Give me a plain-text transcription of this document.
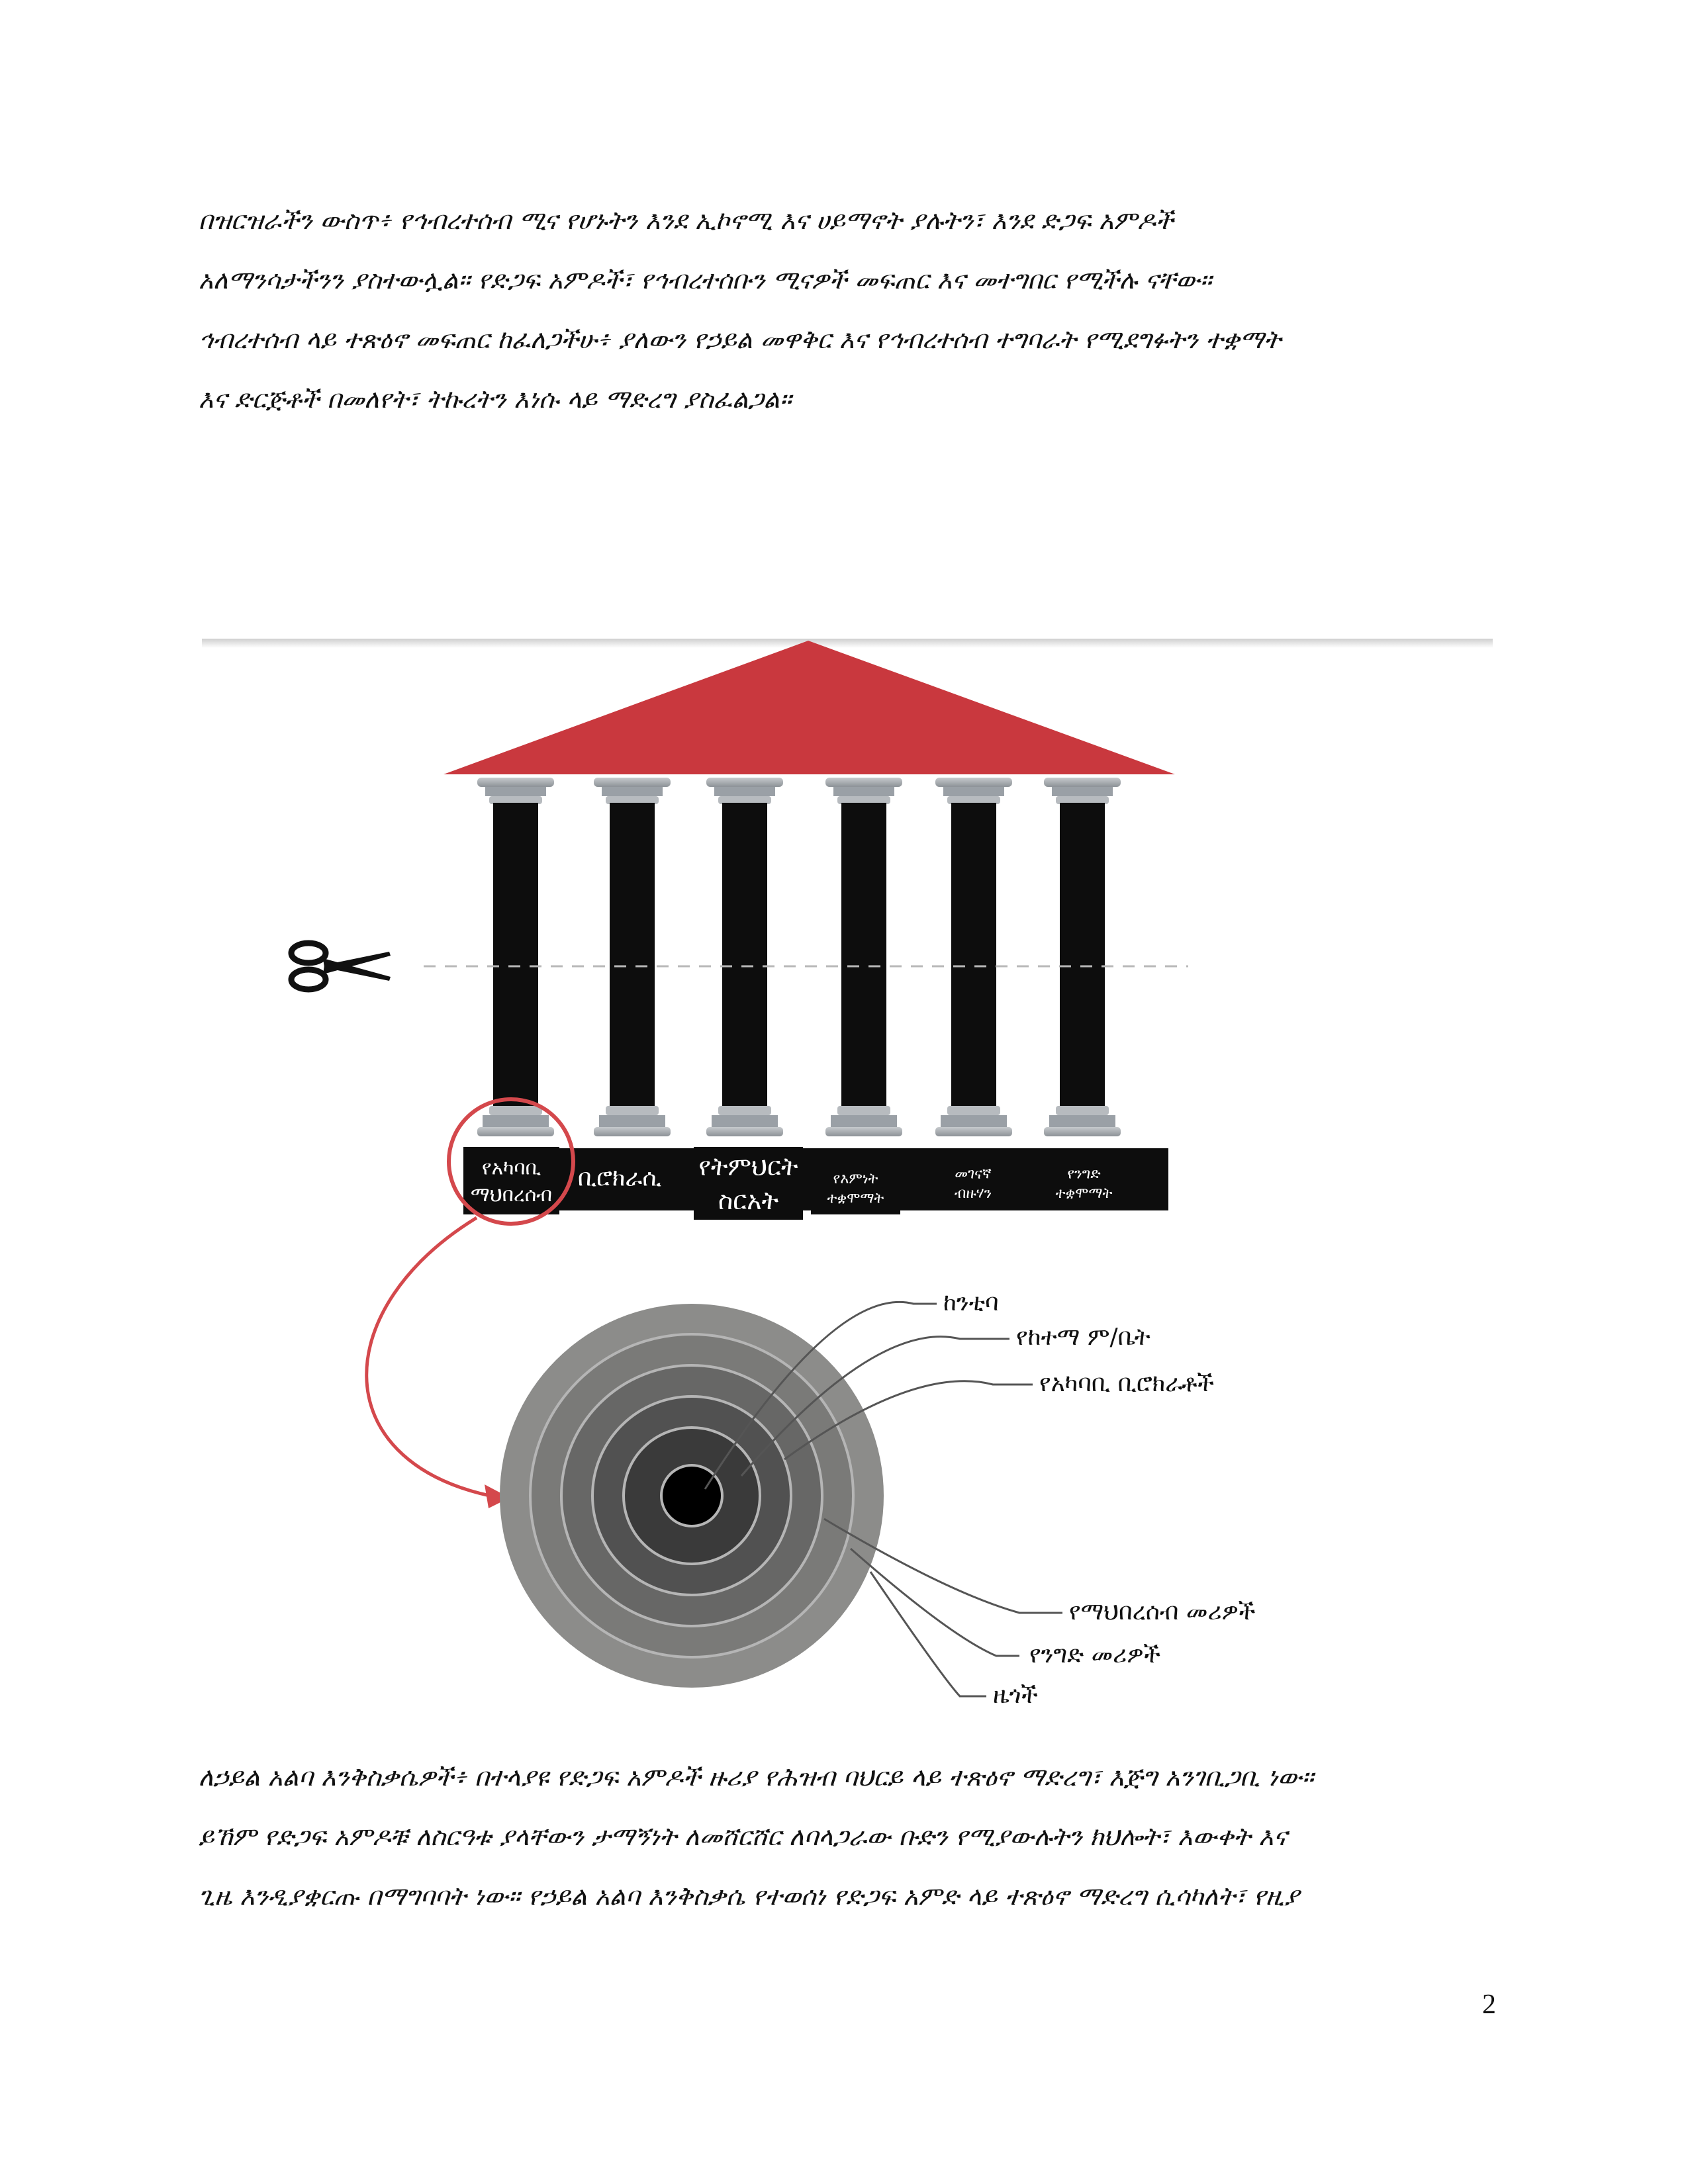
በዝርዝራችን ውስጥ፥ የኅብረተሰብ ሚና የሆኑትን እንደ ኢኮኖሚ እና ሀይማኖት ያሉትን፣ እንደ ድጋፍ አምዶች
አለማንሳታችንን ያስተውሏል። የድጋፍ አምዶች፣ የኅብረተሰቡን ሚናዎች መፍጠር እና መተግበር የሚችሉ ናቸው።
ኅብረተሰብ ላይ ተጽዕኖ መፍጠር ከፈለጋችሁ፥ ያለውን የኃይል መዋቅር እና የኅብረተሰብ ተግባራት የሚደግፉትን ተቋማት
እና ድርጅቶች በመለየት፣ ትኩረትን እነሱ ላይ ማድረግ ያስፈልጋል።
የአካባቢ
ማህበረሰብ
ቢሮክራሲ የትምህርት
ስርአት
የእምነት
ተቋሞማት
መገናኛ
ብዙሃን
የንግድ
ተቋሞማት
ከንቲባ
የከተማ ም/ቤት
የአካባቢ ቢሮክራቶች
የማህበረሰብ መሪዎች
የንግድ መሪዎች
ዜጎች
ለኃይል አልባ እንቅስቃሴዎች፥ በተላያዩ የድጋፍ አምዶች ዙሪያ የሕዝብ ባህርይ ላይ ተጽዕኖ ማድረግ፣ እጅግ አንገቢጋቢ ነው።
ይኸም የድጋፍ አምዶቹ ለስርዓቱ ያላቸውን ታማኝነት ለመሸርሸር ለባላጋራው ቡድን የሚያውሉትን ክህሎት፣ እውቀት እና
ጊዜ እንዲያቋርጡ በማግባባት ነው። የኃይል አልባ እንቅስቃሴ የተወሰነ የድጋፍ አምድ ላይ ተጽዕኖ ማድረግ ሲሳካለት፣ የዚያ
2
